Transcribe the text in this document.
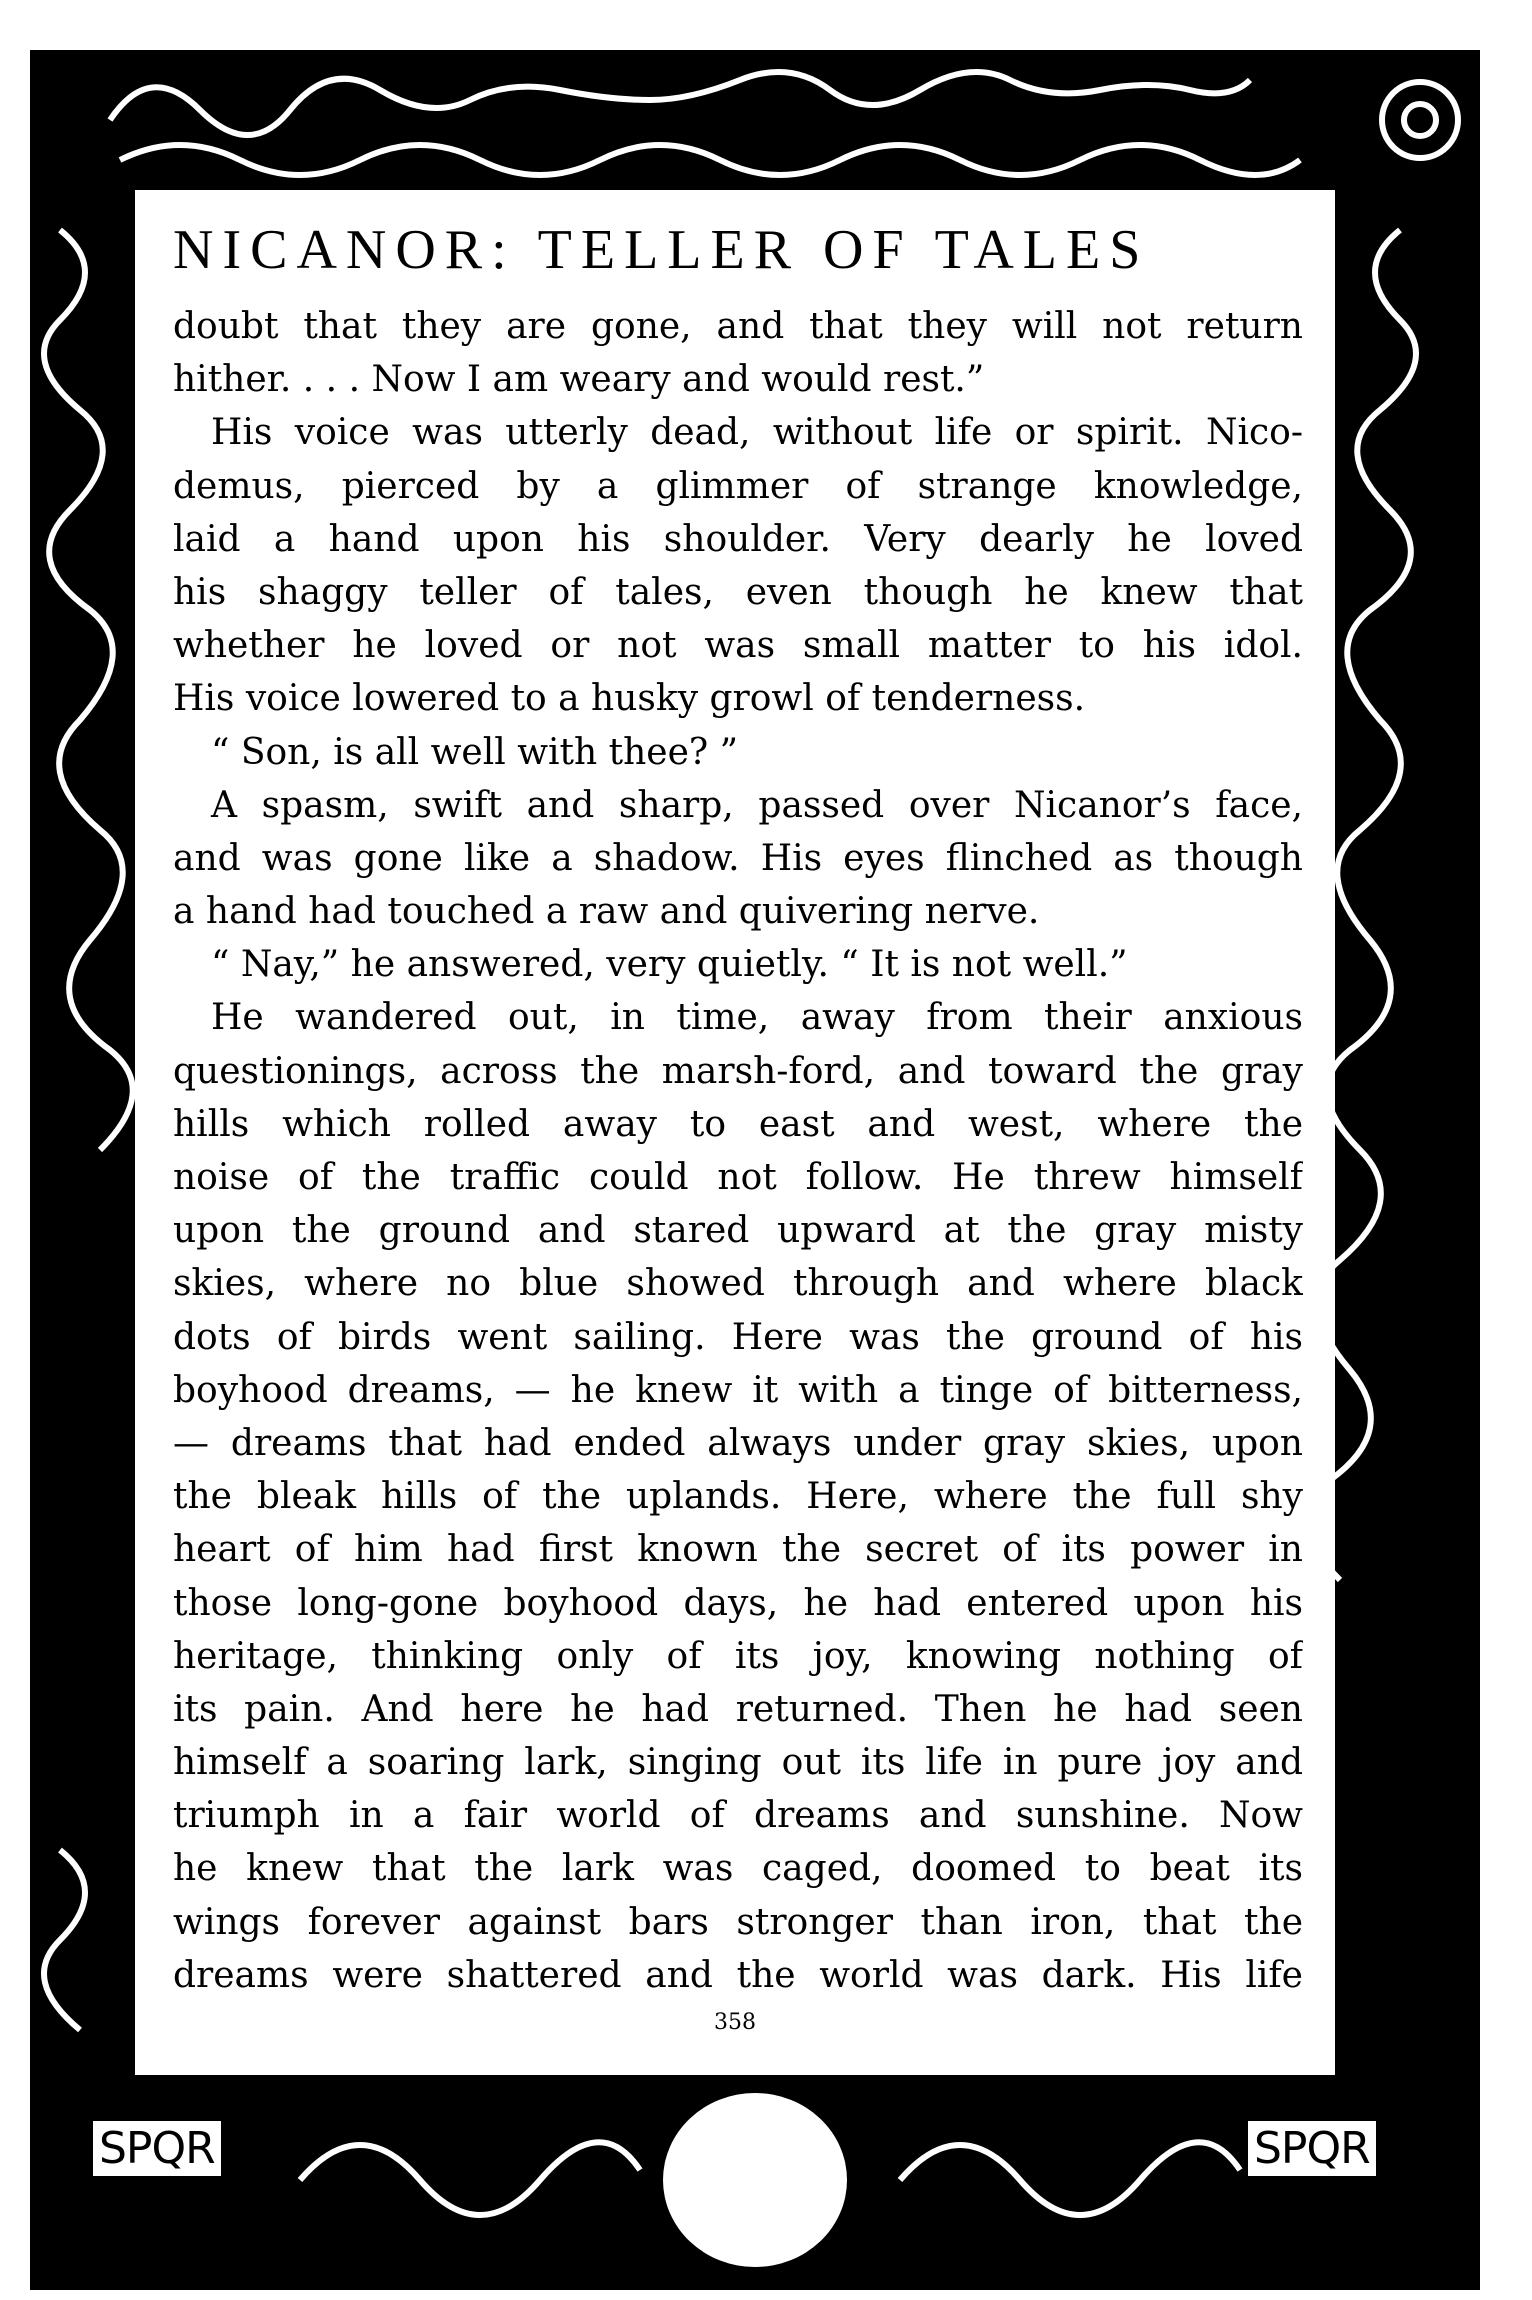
SPQR	SPQR
NICANOR: TELLER OF TALES
doubt that they are gone, and that they will not return
hither. . . . Now I am weary and would rest.”
His voice was utterly dead, without life or spirit. Nico-
demus, pierced by a glimmer of strange knowledge,
laid a hand upon his shoulder. Very dearly he loved
his shaggy teller of tales, even though he knew that
whether he loved or not was small matter to his idol.
His voice lowered to a husky growl of tenderness.
“ Son, is all well with thee? ”
A spasm, swift and sharp, passed over Nicanor’s face,
and was gone like a shadow. His eyes flinched as though
a hand had touched a raw and quivering nerve.
“ Nay,” he answered, very quietly. “ It is not well.”
He wandered out, in time, away from their anxious
questionings, across the marsh-ford, and toward the gray
hills which rolled away to east and west, where the
noise of the traffic could not follow. He threw himself
upon the ground and stared upward at the gray misty
skies, where no blue showed through and where black
dots of birds went sailing. Here was the ground of his
boyhood dreams, — he knew it with a tinge of bitterness,
— dreams that had ended always under gray skies, upon
the bleak hills of the uplands. Here, where the full shy
heart of him had first known the secret of its power in
those long-gone boyhood days, he had entered upon his
heritage, thinking only of its joy, knowing nothing of
its pain. And here he had returned. Then he had seen
himself a soaring lark, singing out its life in pure joy and
triumph in a fair world of dreams and sunshine. Now
he knew that the lark was caged, doomed to beat its
wings forever against bars stronger than iron, that the
dreams were shattered and the world was dark. His life
358
